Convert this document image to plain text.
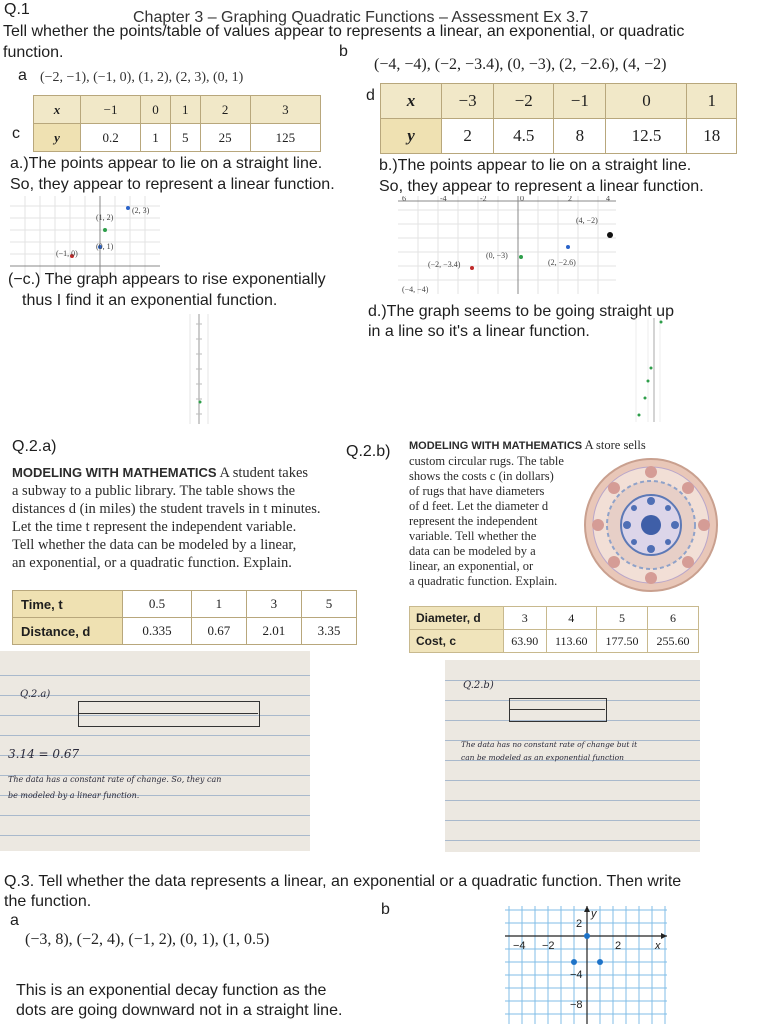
Q.1	Chapter 3 – Graphing Quadratic Functions – Assessment Ex 3.7
Tell whether the points/table of values appear to represents a linear, an exponential, or quadratic
function.
a (−2, −1), (−1, 0), (1, 2), (2, 3), (0, 1)
b
(−4, −4), (−2, −3.4), (0, −3), (2, −2.6), (4, −2)
c
x	−1	0	1	2	3
y	0.2	1	5	25	125
d x	−3	−2	−1	0	1
y	2	4.5	8	12.5	18
a.)The points appear to lie on a straight line.
So, they appear to represent a linear function.
b.)The points appear to lie on a straight line.
So, they appear to represent a linear function.
(2, 3)
(1, 2)
(0, 1)
(−1, 0)
6	-4	-2	0	2	4
(4, −2)
(0, −3)
(−2, −3.4)	(2, −2.6)
(−4, −4)
(−c.) The graph appears to rise exponentially
thus I find it an exponential function.
d.)The graph seems to be going straight up
in a line so it's a linear function.
Q.2.a)
MODELING WITH MATHEMATICS A student takes
a subway to a public library. The table shows the
distances d (in miles) the student travels in t minutes.
Let the time t represent the independent variable.
Tell whether the data can be modeled by a linear,
an exponential, or a quadratic function. Explain.
Time, t	0.5	1	3	5
Distance, d	0.335	0.67	2.01	3.35
Q.2.b) MODELING WITH MATHEMATICS A store sells
custom circular rugs. The table
shows the costs c (in dollars)
of rugs that have diameters
of d feet. Let the diameter d
represent the independent
variable. Tell whether the
data can be modeled by a
linear, an exponential, or
a quadratic function. Explain.
Diameter, d	3	4	5	6
Cost, c	63.90	113.60	177.50	255.60
Q.2.a)
3.14 = 0.67
The data has a constant rate of change. So, they can
be modeled by a linear function.
Q.2.b)
The data has no constant rate of change but it
can be modeled as an exponential function
Q.3. Tell whether the data represents a linear, an exponential or a quadratic function. Then write
the function.
a
b
(−3, 8), (−2, 4), (−1, 2), (0, 1), (1, 0.5)
This is an exponential decay function as the
dots are going downward not in a straight line.
2
y
−4 −2	2	x
−4
−8
